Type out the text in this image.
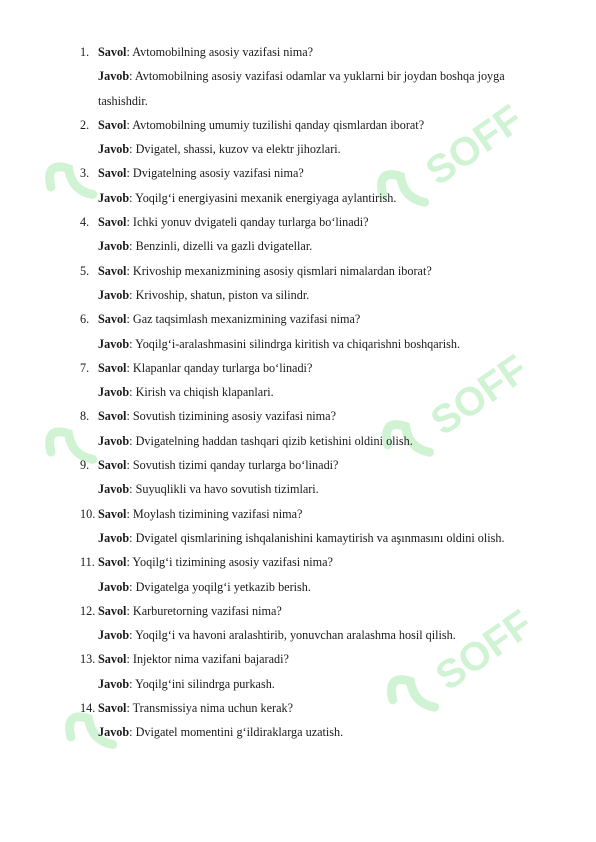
SOFF
SOFF
SOFF
1. Savol: Avtomobilning asosiy vazifasi nima?
Javob: Avtomobilning asosiy vazifasi odamlar va yuklarni bir joydan boshqa joyga tashishdir.
2. Savol: Avtomobilning umumiy tuzilishi qanday qismlardan iborat?
Javob: Dvigatel, shassi, kuzov va elektr jihozlari.
3. Savol: Dvigatelning asosiy vazifasi nima?
Javob: Yoqilg‘i energiyasini mexanik energiyaga aylantirish.
4. Savol: Ichki yonuv dvigateli qanday turlarga bo‘linadi?
Javob: Benzinli, dizelli va gazli dvigatellar.
5. Savol: Krivoship mexanizmining asosiy qismlari nimalardan iborat?
Javob: Krivoship, shatun, piston va silindr.
6. Savol: Gaz taqsimlash mexanizmining vazifasi nima?
Javob: Yoqilg‘i-aralashmasini silindrga kiritish va chiqarishni boshqarish.
7. Savol: Klapanlar qanday turlarga bo‘linadi?
Javob: Kirish va chiqish klapanlari.
8. Savol: Sovutish tizimining asosiy vazifasi nima?
Javob: Dvigatelning haddan tashqari qizib ketishini oldini olish.
9. Savol: Sovutish tizimi qanday turlarga bo‘linadi?
Javob: Suyuqlikli va havo sovutish tizimlari.
10. Savol: Moylash tizimining vazifasi nima?
Javob: Dvigatel qismlarining ishqalanishini kamaytirish va aşınmasını oldini olish.
11. Savol: Yoqilg‘i tizimining asosiy vazifasi nima?
Javob: Dvigatelga yoqilg‘i yetkazib berish.
12. Savol: Karburetorning vazifasi nima?
Javob: Yoqilg‘i va havoni aralashtirib, yonuvchan aralashma hosil qilish.
13. Savol: Injektor nima vazifani bajaradi?
Javob: Yoqilg‘ini silindrga purkash.
14. Savol: Transmissiya nima uchun kerak?
Javob: Dvigatel momentini g‘ildiraklarga uzatish.
